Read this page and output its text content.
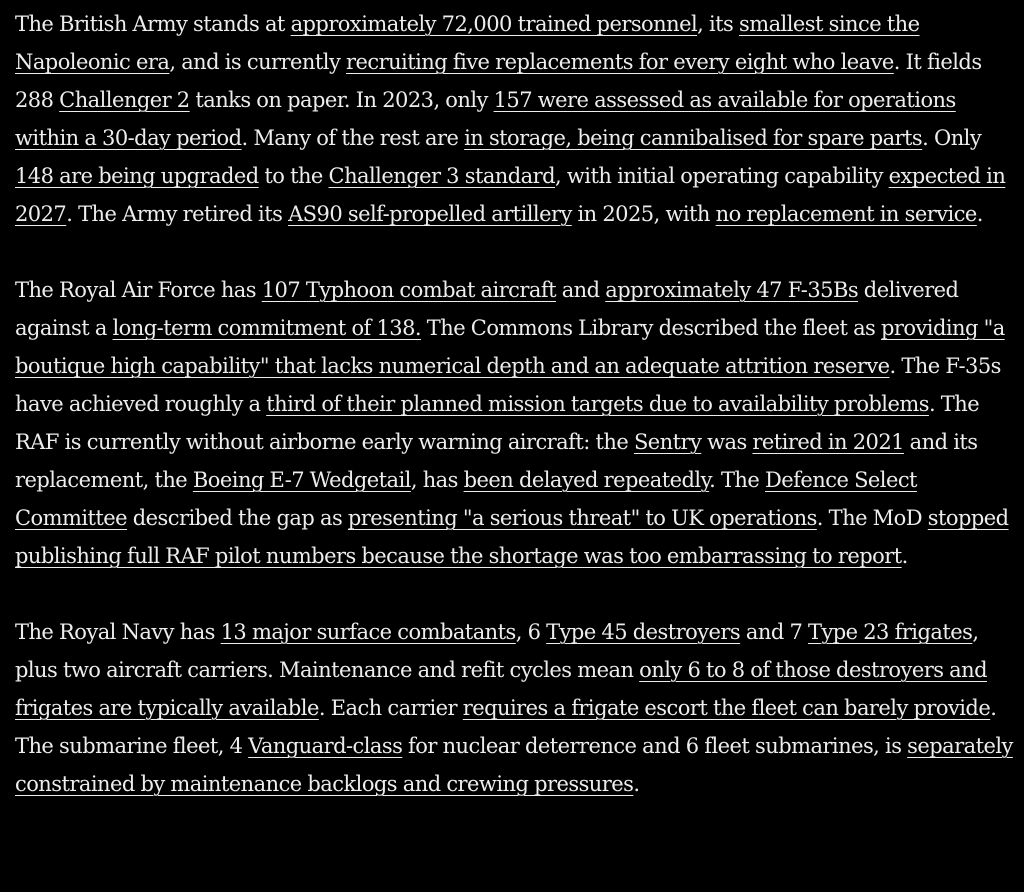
The British Army stands at approximately 72,000 trained personnel, its smallest since the Napoleonic era, and is currently recruiting five replacements for every eight who leave. It fields 288 Challenger 2 tanks on paper. In 2023, only 157 were assessed as available for operations within a 30-day period. Many of the rest are in storage, being cannibalised for spare parts. Only 148 are being upgraded to the Challenger 3 standard, with initial operating capability expected in 2027. The Army retired its AS90 self-propelled artillery in 2025, with no replacement in service.

The Royal Air Force has 107 Typhoon combat aircraft and approximately 47 F-35Bs delivered against a long-term commitment of 138. The Commons Library described the fleet as providing "a boutique high capability" that lacks numerical depth and an adequate attrition reserve. The F-35s have achieved roughly a third of their planned mission targets due to availability problems. The RAF is currently without airborne early warning aircraft: the Sentry was retired in 2021 and its replacement, the Boeing E-7 Wedgetail, has been delayed repeatedly. The Defence Select Committee described the gap as presenting "a serious threat" to UK operations. The MoD stopped publishing full RAF pilot numbers because the shortage was too embarrassing to report.

The Royal Navy has 13 major surface combatants, 6 Type 45 destroyers and 7 Type 23 frigates, plus two aircraft carriers. Maintenance and refit cycles mean only 6 to 8 of those destroyers and frigates are typically available. Each carrier requires a frigate escort the fleet can barely provide. The submarine fleet, 4 Vanguard-class for nuclear deterrence and 6 fleet submarines, is separately constrained by maintenance backlogs and crewing pressures.
